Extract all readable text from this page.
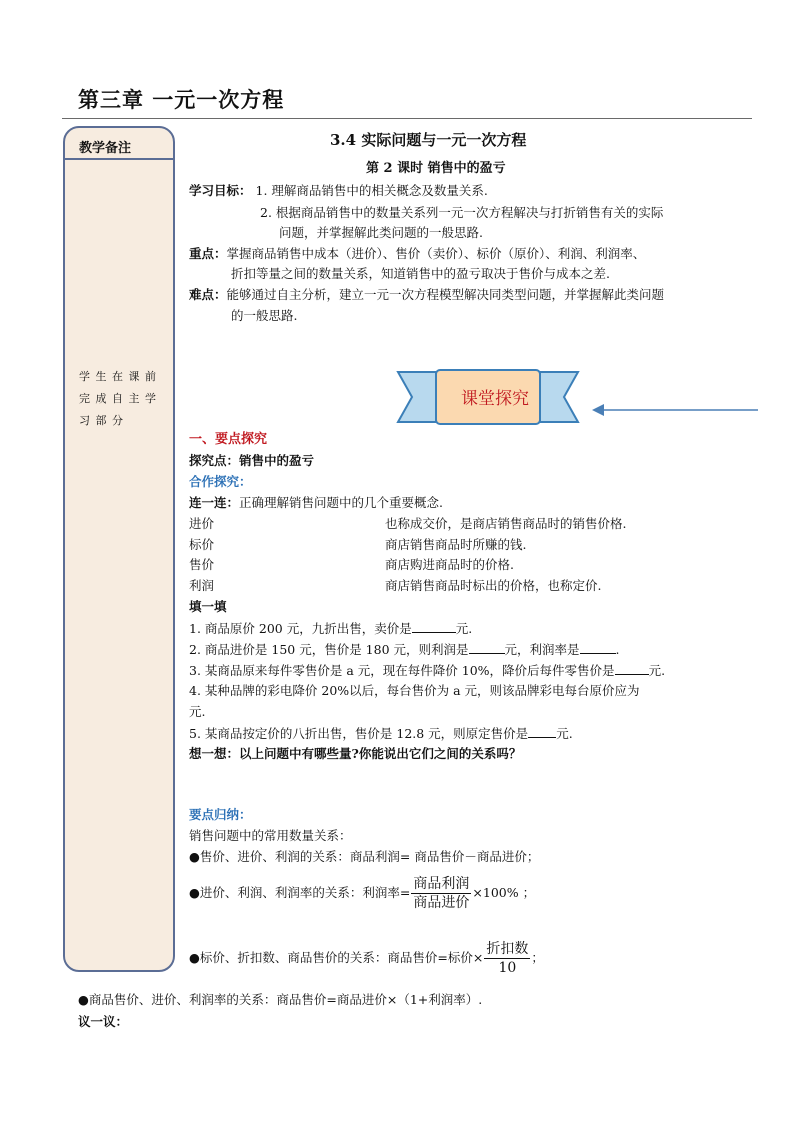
第三章 一元一次方程
教学备注
学生在课前完成自主学习部分
3.4 实际问题与一元一次方程
第 2 课时 销售中的盈亏
学习目标： 1. 理解商品销售中的相关概念及数量关系.
2. 根据商品销售中的数量关系列一元一次方程解决与打折销售有关的实际
问题，并掌握解此类问题的一般思路.
重点：掌握商品销售中成本（进价）、售价（卖价）、标价（原价）、利润、利润率、
折扣等量之间的数量关系，知道销售中的盈亏取决于售价与成本之差.
难点：能够通过自主分析，建立一元一次方程模型解决同类型问题，并掌握解此类问题
的一般思路.
课堂探究
一、要点探究
探究点：销售中的盈亏
合作探究：
连一连：正确理解销售问题中的几个重要概念.
进价	也称成交价，是商店销售商品时的销售价格.
标价	商店销售商品时所赚的钱.
售价	商店购进商品时的价格.
利润	商店销售商品时标出的价格，也称定价.
填一填
1. 商品原价 200 元，九折出售，卖价是	元.
2. 商品进价是 150 元，售价是 180 元，则利润是	元，利润率是	.
3. 某商品原来每件零售价是 a 元，现在每件降价 10%，降价后每件零售价是	元.
4. 某种品牌的彩电降价 20%以后，每台售价为 a 元，则该品牌彩电每台原价应为
元.
5. 某商品按定价的八折出售，售价是 12.8 元，则原定售价是 元.
想一想：以上问题中有哪些量?你能说出它们之间的关系吗？
要点归纳：
销售问题中的常用数量关系：
●售价、进价、利润的关系：商品利润= 商品售价－商品进价；
●进价、利润、利润率的关系：利润率= $\frac{\text{商品利润}}{\text{商品进价}} \times 100\%$ ；
●标价、折扣数、商品售价的关系：商品售价=标价× $\frac{\text{折扣数}}{10}$ ；
●商品售价、进价、利润率的关系：商品售价=商品进价×（1+利润率）.
议一议：
